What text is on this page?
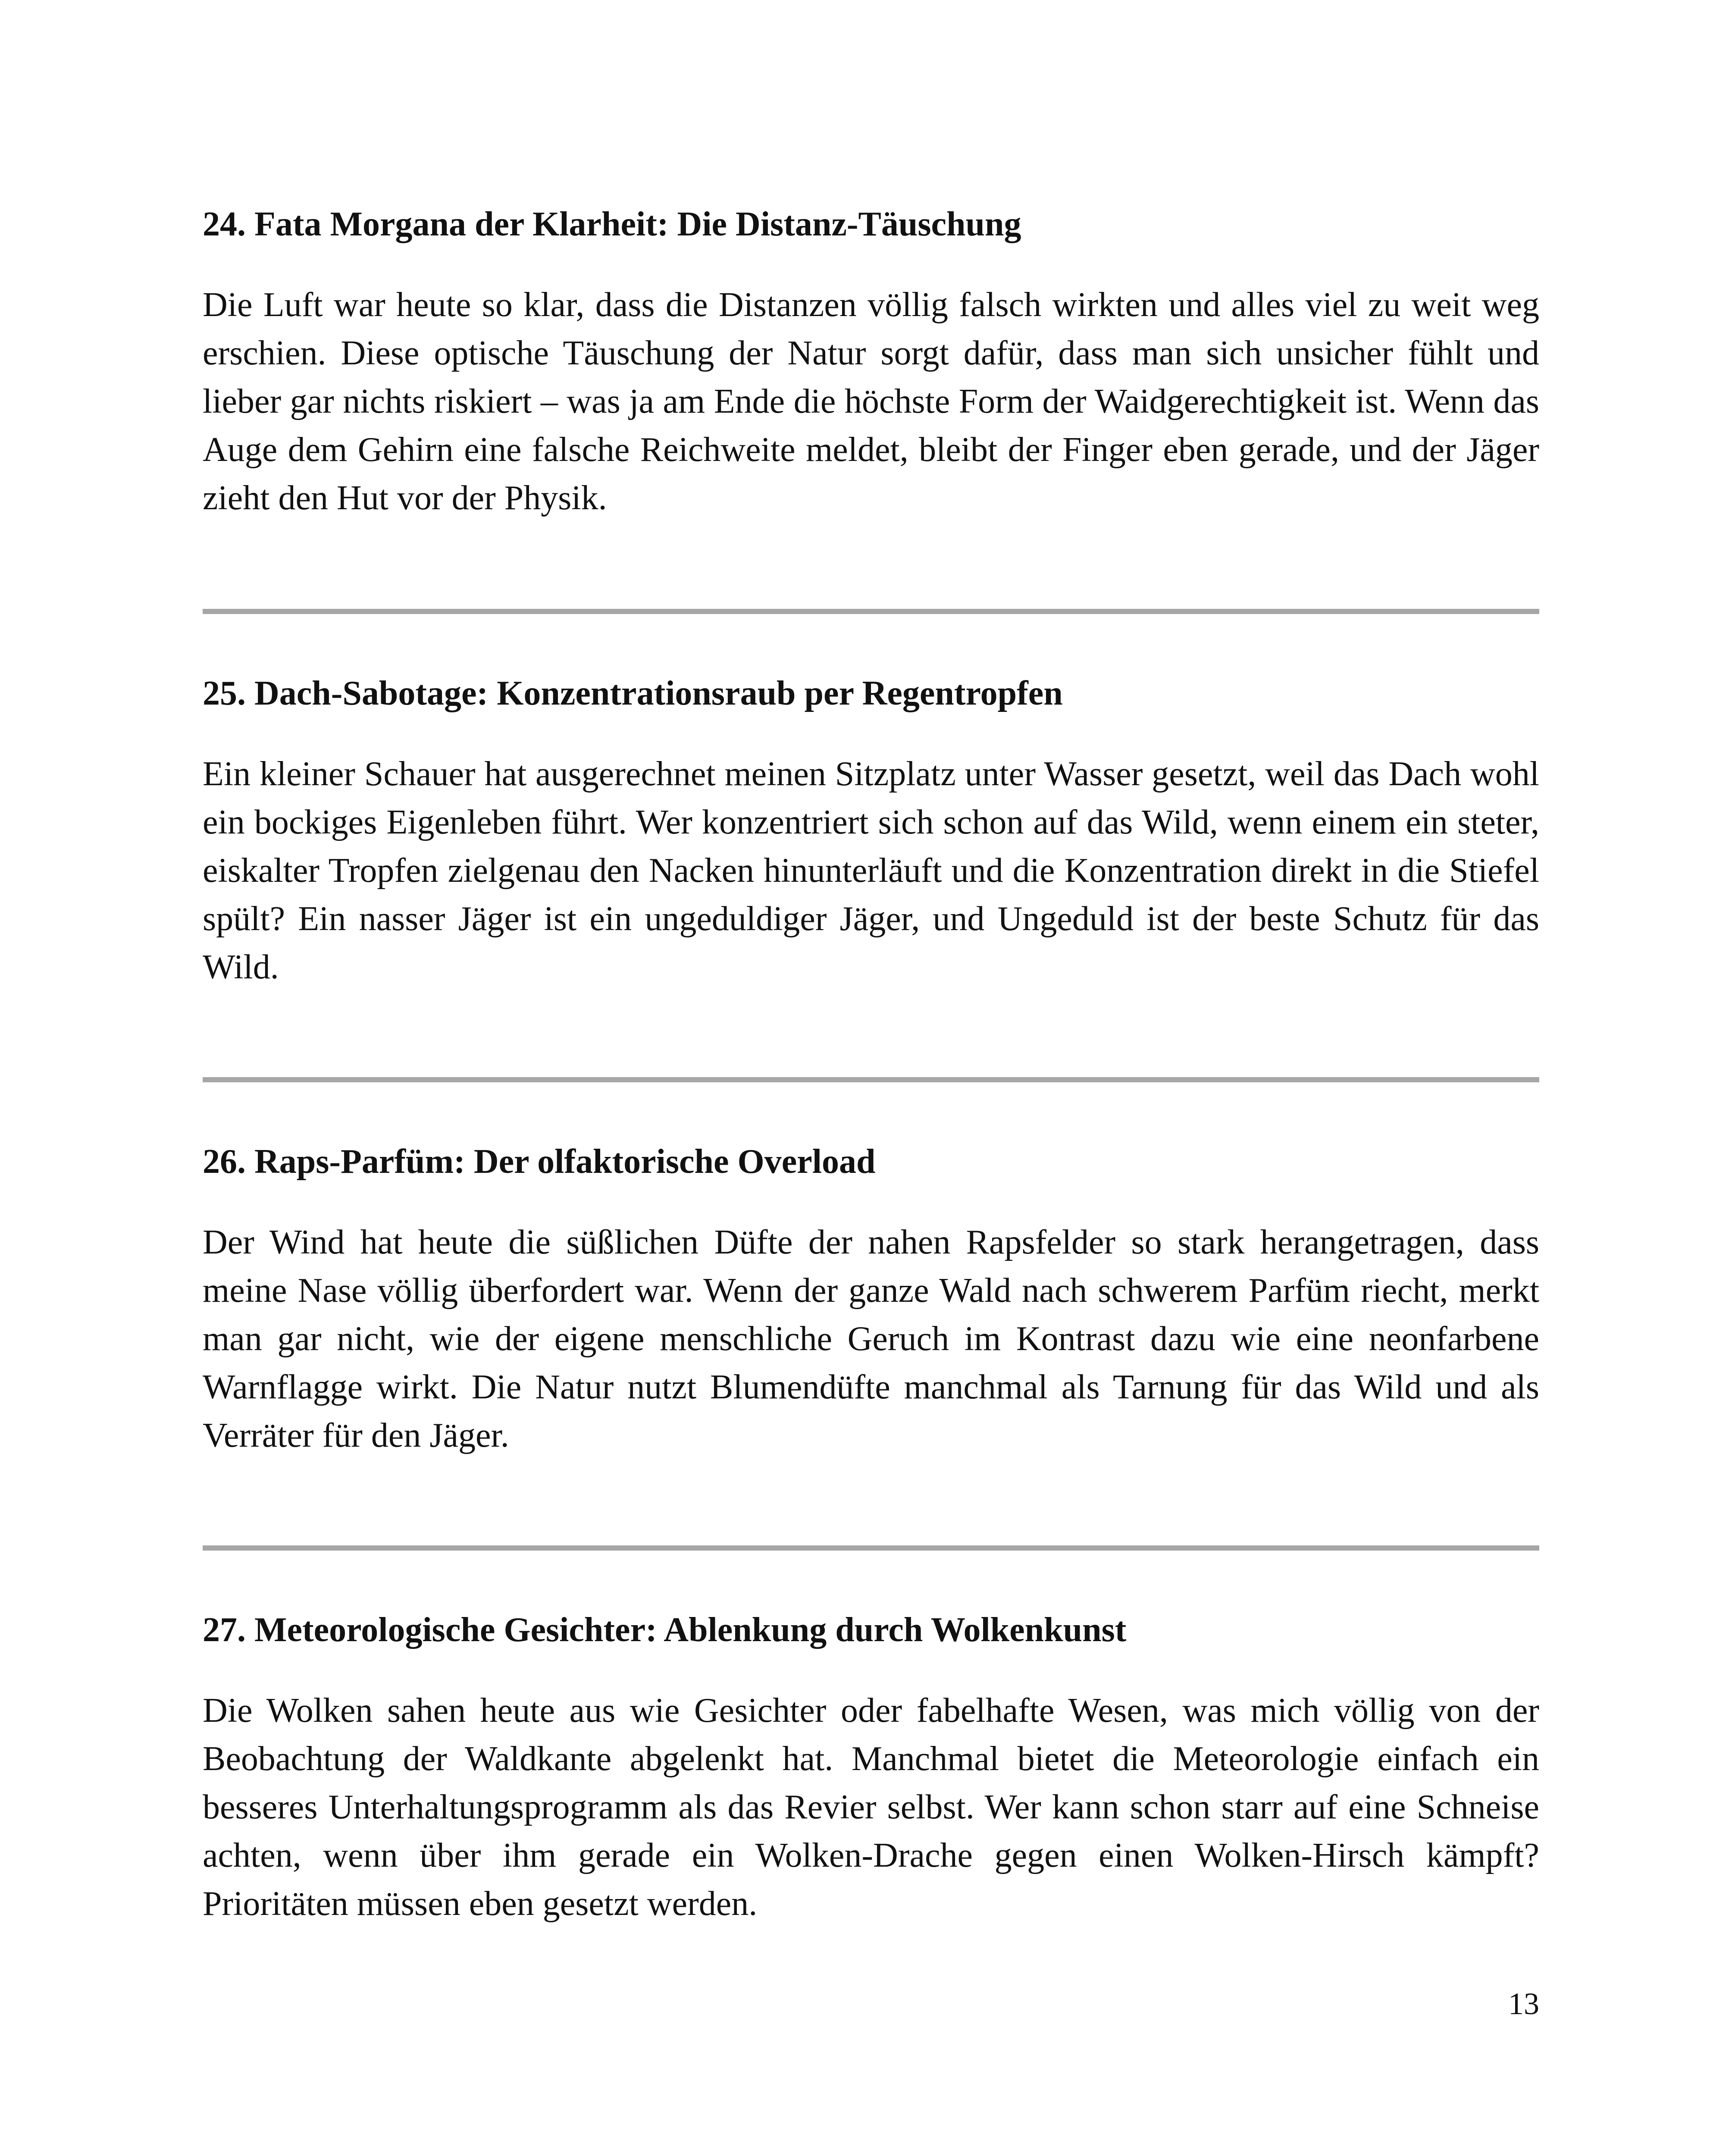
24. Fata Morgana der Klarheit: Die Distanz-Täuschung

Die Luft war heute so klar, dass die Distanzen völlig falsch wirkten und alles viel zu weit weg erschien. Diese optische Täuschung der Natur sorgt dafür, dass man sich unsicher fühlt und lieber gar nichts riskiert – was ja am Ende die höchste Form der Waidgerechtigkeit ist. Wenn das Auge dem Gehirn eine falsche Reichweite meldet, bleibt der Finger eben gerade, und der Jäger zieht den Hut vor der Physik.

25. Dach-Sabotage: Konzentrationsraub per Regentropfen

Ein kleiner Schauer hat ausgerechnet meinen Sitzplatz unter Wasser gesetzt, weil das Dach wohl ein bockiges Eigenleben führt. Wer konzentriert sich schon auf das Wild, wenn einem ein steter, eiskalter Tropfen zielgenau den Nacken hinunterläuft und die Konzentration direkt in die Stiefel spült? Ein nasser Jäger ist ein ungeduldiger Jäger, und Ungeduld ist der beste Schutz für das Wild.

26. Raps-Parfüm: Der olfaktorische Overload

Der Wind hat heute die süßlichen Düfte der nahen Rapsfelder so stark herangetragen, dass meine Nase völlig überfordert war. Wenn der ganze Wald nach schwerem Parfüm riecht, merkt man gar nicht, wie der eigene menschliche Geruch im Kontrast dazu wie eine neonfarbene Warnflagge wirkt. Die Natur nutzt Blumendüfte manchmal als Tarnung für das Wild und als Verräter für den Jäger.

27. Meteorologische Gesichter: Ablenkung durch Wolkenkunst

Die Wolken sahen heute aus wie Gesichter oder fabelhafte Wesen, was mich völlig von der Beobachtung der Waldkante abgelenkt hat. Manchmal bietet die Meteorologie einfach ein besseres Unterhaltungsprogramm als das Revier selbst. Wer kann schon starr auf eine Schneise achten, wenn über ihm gerade ein Wolken-Drache gegen einen Wolken-Hirsch kämpft? Prioritäten müssen eben gesetzt werden.

13
